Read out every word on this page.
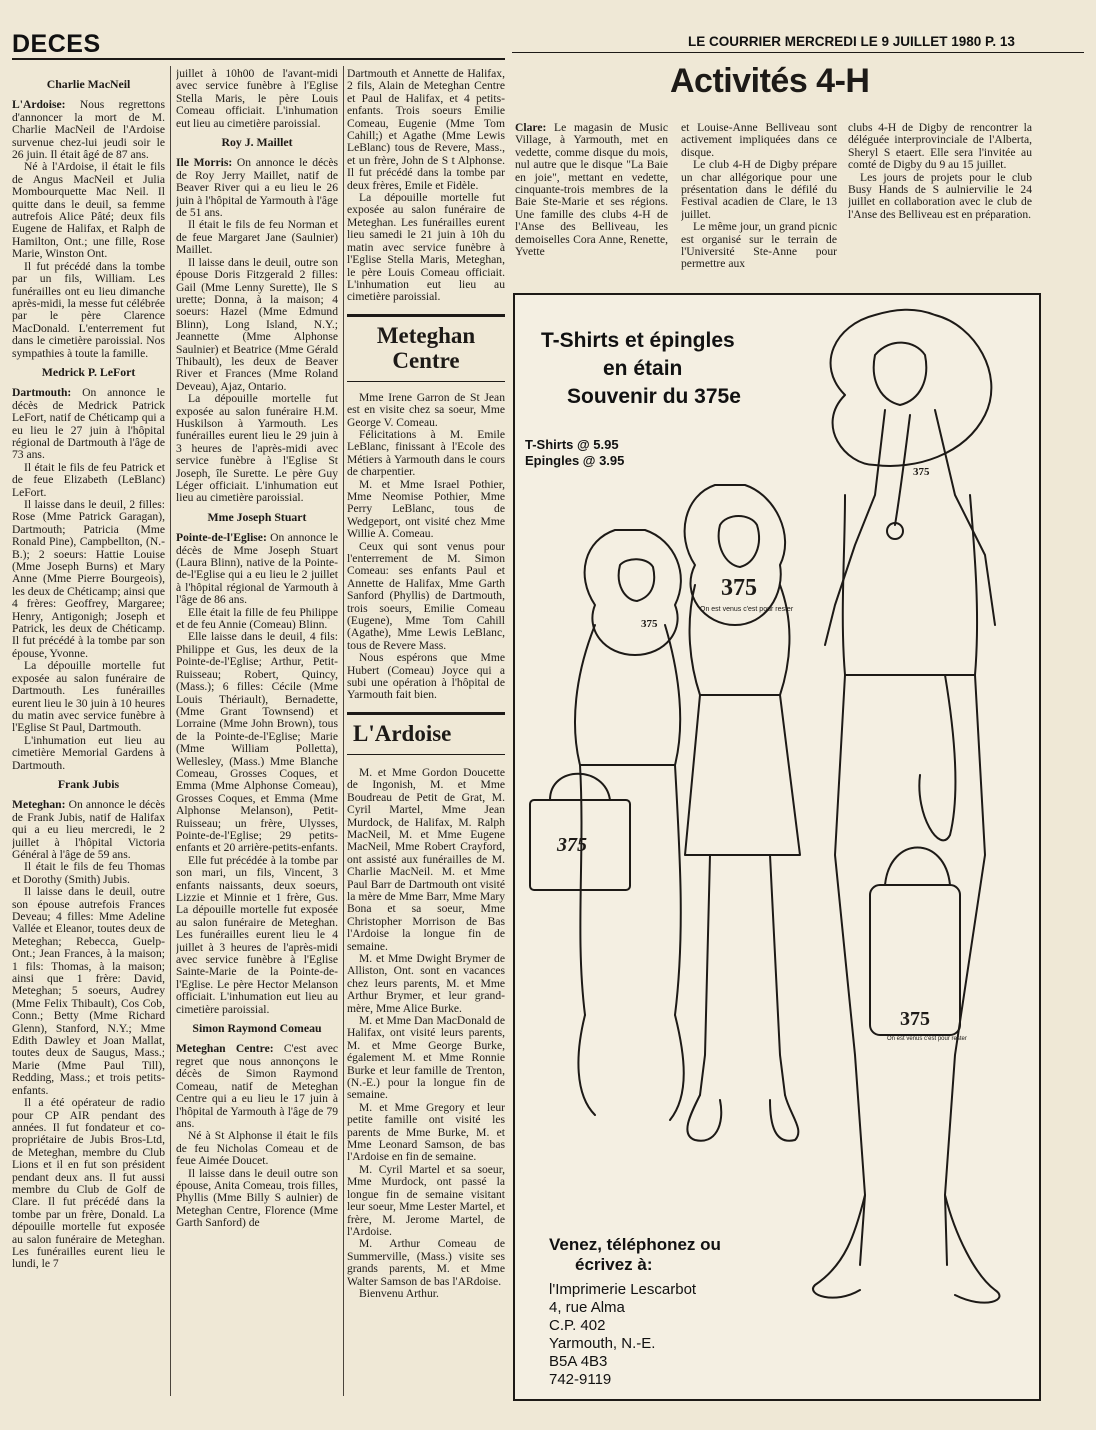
DECES	LE COURRIER MERCREDI LE 9 JUILLET 1980 P. 13
Charlie MacNeil

L'Ardoise: Nous regrettons d'annoncer la mort de M. Charlie MacNeil de l'Ardoise survenue chez-lui jeudi soir le 26 juin. Il était âgé de 87 ans.

Né à l'Ardoise, il était le fils de Angus MacNeil et Julia Mombourquette Mac Neil. Il quitte dans le deuil, sa femme autrefois Alice Pâté; deux fils Eugene de Halifax, et Ralph de Hamilton, Ont.; une fille, Rose Marie, Winston Ont.

Il fut précédé dans la tombe par un fils, William. Les funérailles ont eu lieu dimanche après-midi, la messe fut célébrée par le père Clarence MacDonald. L'enterrement fut dans le cimetière paroissial. Nos sympathies à toute la famille.

Medrick P. LeFort

Dartmouth: On annonce le décès de Medrick Patrick LeFort, natif de Chéticamp qui a eu lieu le 27 juin à l'hôpital régional de Dartmouth à l'âge de 73 ans.

Il était le fils de feu Patrick et de feue Elizabeth (LeBlanc) LeFort.

Il laisse dans le deuil, 2 filles: Rose (Mme Patrick Garagan), Dartmouth; Patricia (Mme Ronald Pine), Campbellton, (N.-B.); 2 soeurs: Hattie Louise (Mme Joseph Burns) et Mary Anne (Mme Pierre Bourgeois), les deux de Chéticamp; ainsi que 4 frères: Geoffrey, Margaree; Henry, Antigonigh; Joseph et Patrick, les deux de Chéticamp. Il fut précédé à la tombe par son épouse, Yvonne.

La dépouille mortelle fut exposée au salon funéraire de Dartmouth. Les funérailles eurent lieu le 30 juin à 10 heures du matin avec service funèbre à l'Eglise St Paul, Dartmouth.

L'inhumation eut lieu au cimetière Memorial Gardens à Dartmouth.

Frank Jubis

Meteghan: On annonce le décès de Frank Jubis, natif de Halifax qui a eu lieu mercredi, le 2 juillet à l'hôpital Victoria Général à l'âge de 59 ans.

Il était le fils de feu Thomas et Dorothy (Smith) Jubis.

Il laisse dans le deuil, outre son épouse autrefois Frances Deveau; 4 filles: Mme Adeline Vallée et Eleanor, toutes deux de Meteghan; Rebecca, Guelp-Ont.; Jean Frances, à la maison; 1 fils: Thomas, à la maison; ainsi que 1 frère: David, Meteghan; 5 soeurs, Audrey (Mme Felix Thibault), Cos Cob, Conn.; Betty (Mme Richard Glenn), Stanford, N.Y.; Mme Edith Dawley et Joan Mallat, toutes deux de Saugus, Mass.; Marie (Mme Paul Till), Redding, Mass.; et trois petits-enfants.

Il a été opérateur de radio pour CP AIR pendant des années. Il fut fondateur et co-propriétaire de Jubis Bros-Ltd, de Meteghan, membre du Club Lions et il en fut son président pendant deux ans. Il fut aussi membre du Club de Golf de Clare. Il fut précédé dans la tombe par un frère, Donald. La dépouille mortelle fut exposée au salon funéraire de Meteghan. Les funérailles eurent lieu le lundi, le 7

juillet à 10h00 de l'avant-midi avec service funèbre à l'Eglise Stella Maris, le père Louis Comeau officiait. L'inhumation eut lieu au cimetière paroissial.

Roy J. Maillet

Ile Morris: On annonce le décès de Roy Jerry Maillet, natif de Beaver River qui a eu lieu le 26 juin à l'hôpital de Yarmouth à l'âge de 51 ans.

Il était le fils de feu Norman et de feue Margaret Jane (Saulnier) Maillet.

Il laisse dans le deuil, outre son épouse Doris Fitzgerald 2 filles: Gail (Mme Lenny Surette), Ile S urette; Donna, à la maison; 4 soeurs: Hazel (Mme Edmund Blinn), Long Island, N.Y.; Jeannette (Mme Alphonse Saulnier) et Beatrice (Mme Gérald Thibault), les deux de Beaver River et Frances (Mme Roland Deveau), Ajaz, Ontario.

La dépouille mortelle fut exposée au salon funéraire H.M. Huskilson à Yarmouth. Les funérailles eurent lieu le 29 juin à 3 heures de l'après-midi avec service funèbre à l'Eglise St Joseph, île Surette. Le père Guy Léger officiait. L'inhumation eut lieu au cimetière paroissial.

Mme Joseph Stuart

Pointe-de-l'Eglise: On annonce le décès de Mme Joseph Stuart (Laura Blinn), native de la Pointe-de-l'Eglise qui a eu lieu le 2 juillet à l'hôpital régional de Yarmouth à l'âge de 86 ans.

Elle était la fille de feu Philippe et de feu Annie (Comeau) Blinn.

Elle laisse dans le deuil, 4 fils: Philippe et Gus, les deux de la Pointe-de-l'Eglise; Arthur, Petit-Ruisseau; Robert, Quincy, (Mass.); 6 filles: Cécile (Mme Louis Thériault), Bernadette, (Mme Grant Townsend) et Lorraine (Mme John Brown), tous de la Pointe-de-l'Eglise; Marie (Mme William Polletta), Wellesley, (Mass.) Mme Blanche Comeau, Grosses Coques, et Emma (Mme Alphonse Comeau), Grosses Coques, et Emma (Mme Alphonse Melanson), Petit-Ruisseau; un frère, Ulysses, Pointe-de-l'Eglise; 29 petits-enfants et 20 arrière-petits-enfants.

Elle fut précédée à la tombe par son mari, un fils, Vincent, 3 enfants naissants, deux soeurs, Lizzie et Minnie et 1 frère, Gus. La dépouille mortelle fut exposée au salon funéraire de Meteghan. Les funérailles eurent lieu le 4 juillet à 3 heures de l'après-midi avec service funèbre à l'Eglise Sainte-Marie de la Pointe-de-l'Eglise. Le père Hector Melanson officiait. L'inhumation eut lieu au cimetière paroissial.

Simon Raymond Comeau

Meteghan Centre: C'est avec regret que nous annonçons le décès de Simon Raymond Comeau, natif de Meteghan Centre qui a eu lieu le 17 juin à l'hôpital de Yarmouth à l'âge de 79 ans.

Né à St Alphonse il était le fils de feu Nicholas Comeau et de feue Aimée Doucet.

Il laisse dans le deuil outre son épouse, Anita Comeau, trois filles, Phyllis (Mme Billy S aulnier) de Meteghan Centre, Florence (Mme Garth Sanford) de

Dartmouth et Annette de Halifax, 2 fils, Alain de Meteghan Centre et Paul de Halifax, et 4 petits-enfants. Trois soeurs Emilie Comeau, Eugenie (Mme Tom Cahill;) et Agathe (Mme Lewis LeBlanc) tous de Revere, Mass., et un frère, John de S t Alphonse. Il fut précédé dans la tombe par deux frères, Emile et Fidèle.

La dépouille mortelle fut exposée au salon funéraire de Meteghan. Les funérailles eurent lieu samedi le 21 juin à 10h du matin avec service funèbre à l'Eglise Stella Maris, Meteghan, le père Louis Comeau officiait. L'inhumation eut lieu au cimetière paroissial.

Meteghan Centre

Mme Irene Garron de St Jean est en visite chez sa soeur, Mme George V. Comeau.

Félicitations à M. Emile LeBlanc, finissant à l'Ecole des Métiers à Yarmouth dans le cours de charpentier.

M. et Mme Israel Pothier, Mme Neomise Pothier, Mme Perry LeBlanc, tous de Wedgeport, ont visité chez Mme Willie A. Comeau.

Ceux qui sont venus pour l'enterrement de M. Simon Comeau: ses enfants Paul et Annette de Halifax, Mme Garth Sanford (Phyllis) de Dartmouth, trois soeurs, Emilie Comeau (Eugene), Mme Tom Cahill (Agathe), Mme Lewis LeBlanc, tous de Revere Mass.

Nous espérons que Mme Hubert (Comeau) Joyce qui a subi une opération à l'hôpital de Yarmouth fait bien.

L'Ardoise

M. et Mme Gordon Doucette de Ingonish, M. et Mme Boudreau de Petit de Grat, M. Cyril Martel, Mme Jean Murdock, de Halifax, M. Ralph MacNeil, M. et Mme Eugene MacNeil, Mme Robert Crayford, ont assisté aux funérailles de M. Charlie MacNeil. M. et Mme Paul Barr de Dartmouth ont visité la mère de Mme Barr, Mme Mary Bona et sa soeur, Mme Christopher Morrison de Bas l'Ardoise la longue fin de semaine.

M. et Mme Dwight Brymer de Alliston, Ont. sont en vacances chez leurs parents, M. et Mme Arthur Brymer, et leur grand-mère, Mme Alice Burke.

M. et Mme Dan MacDonald de Halifax, ont visité leurs parents, M. et Mme George Burke, également M. et Mme Ronnie Burke et leur famille de Trenton, (N.-E.) pour la longue fin de semaine.

M. et Mme Gregory et leur petite famille ont visité les parents de Mme Burke, M. et Mme Leonard Samson, de bas l'Ardoise en fin de semaine.

M. Cyril Martel et sa soeur, Mme Murdock, ont passé la longue fin de semaine visitant leur soeur, Mme Lester Martel, et frère, M. Jerome Martel, de l'Ardoise.

M. Arthur Comeau de Summerville, (Mass.) visite ses grands parents, M. et Mme Walter Samson de bas l'ARdoise.

Bienvenu Arthur.

Activités 4-H

Clare: Le magasin de Music Village, à Yarmouth, met en vedette, comme disque du mois, nul autre que le disque "La Baie en joie", mettant en vedette, cinquante-trois membres de la Baie Ste-Marie et ses régions. Une famille des clubs 4-H de l'Anse des Belliveau, les demoiselles Cora Anne, Renette, Yvette

et Louise-Anne Belliveau sont activement impliquées dans ce disque.

Le club 4-H de Digby prépare un char allégorique pour une présentation dans le défilé du Festival acadien de Clare, le 13 juillet.

Le même jour, un grand picnic est organisé sur le terrain de l'Université Ste-Anne pour permettre aux

clubs 4-H de Digby de rencontrer la déléguée interprovinciale de l'Alberta, Sheryl S etaert. Elle sera l'invitée au comté de Digby du 9 au 15 juillet.

Les jours de projets pour le club Busy Hands de S aulniervilie le 24 juillet en collaboration avec le club de l'Anse des Belliveau est en préparation.

375
On est venus c'est pour rester
375
375
375
On est venus c'est pour rester
375
T-Shirts et épingles
en étain
Souvenir du 375e
T-Shirts @ 5.95
Epingles @ 3.95
Venez, téléphonez ou
écrivez à:
l'Imprimerie Lescarbot
4, rue Alma
C.P. 402
Yarmouth, N.-E.
B5A 4B3
742-9119
